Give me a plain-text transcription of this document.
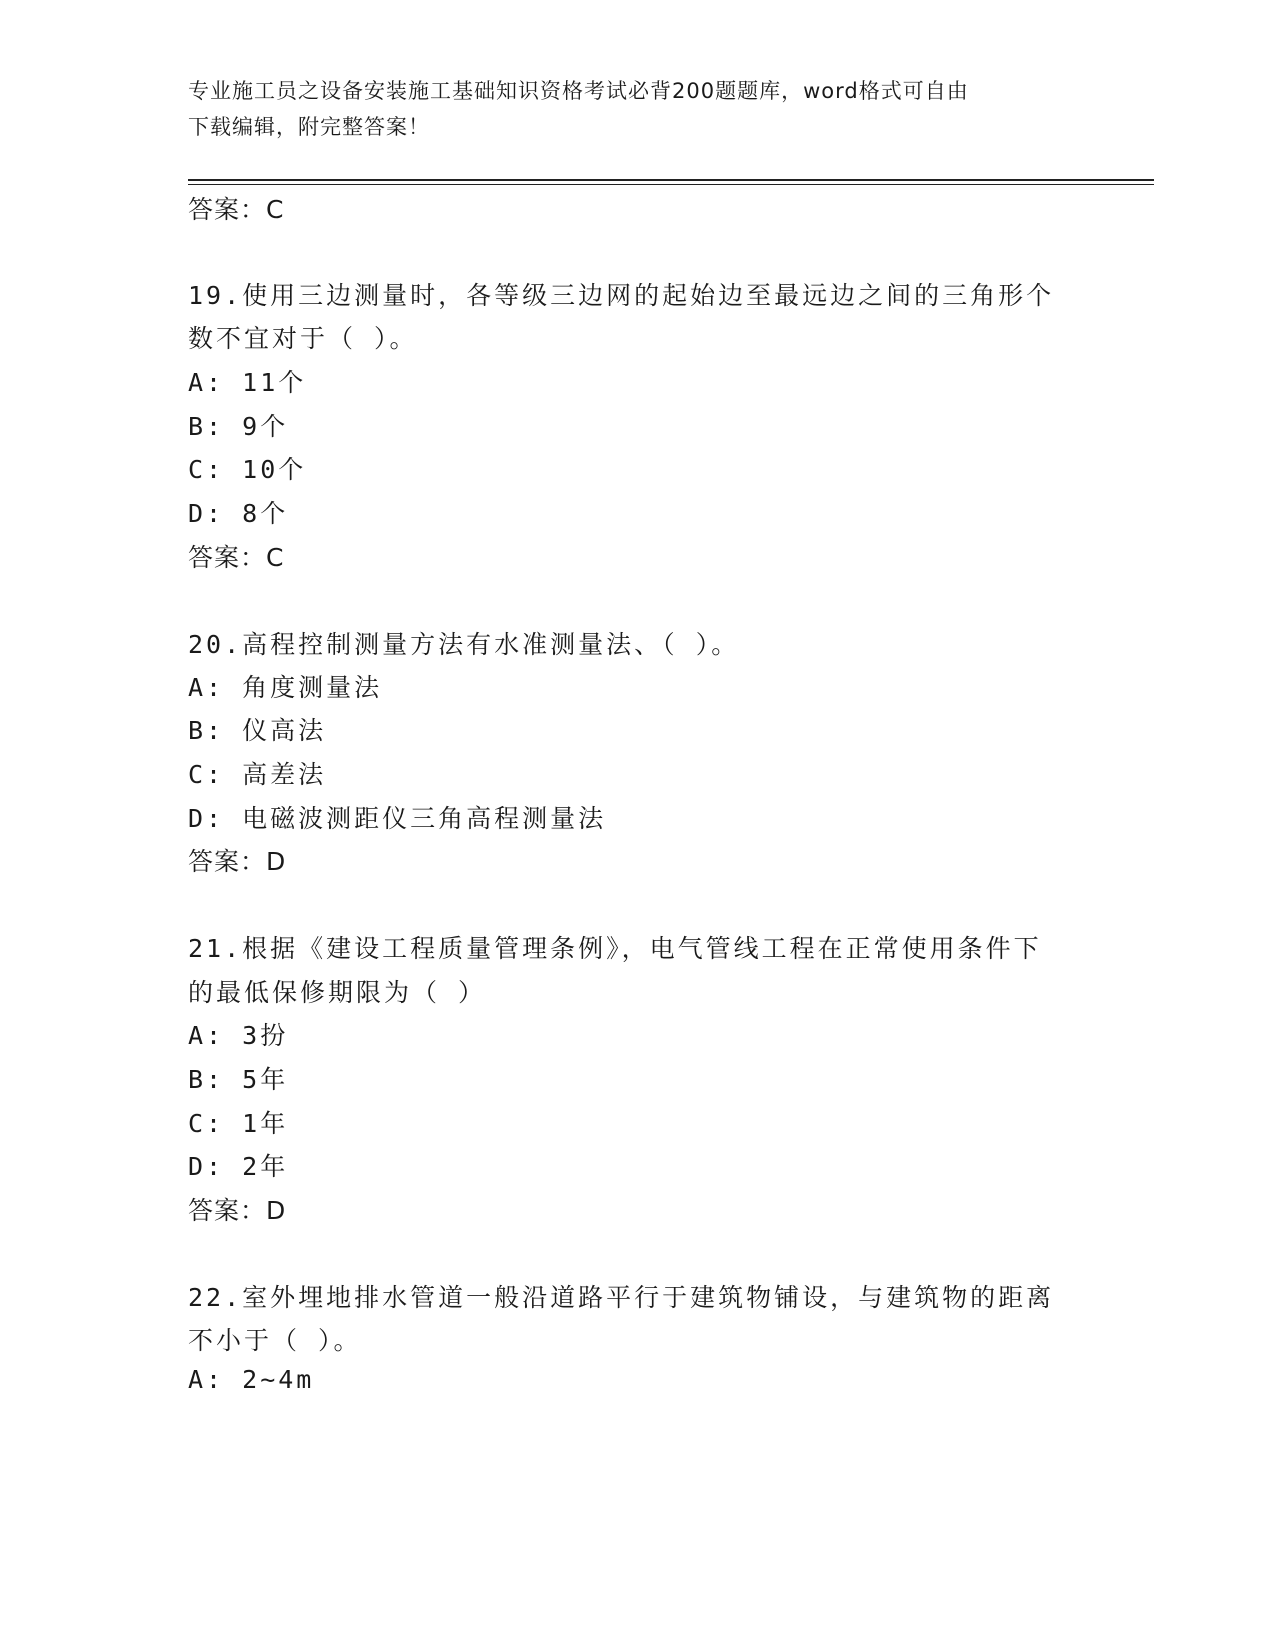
专业施工员之设备安装施工基础知识资格考试必背200题题库，word格式可自由
下载编辑，附完整答案！
答案：C
19.使用三边测量时，各等级三边网的起始边至最远边之间的三角形个
数不宜对于（ ）。
A: 11个
B: 9个
C: 10个
D: 8个
答案：C
20.高程控制测量方法有水准测量法、（ ）。
A: 角度测量法
B: 仪高法
C: 高差法
D: 电磁波测距仪三角高程测量法
答案：D
21.根据《建设工程质量管理条例》，电气管线工程在正常使用条件下
的最低保修期限为（ ）
A: 3扮
B: 5年
C: 1年
D: 2年
答案：D
22.室外埋地排水管道一般沿道路平行于建筑物铺设，与建筑物的距离
不小于（ ）。
A: 2~4m
